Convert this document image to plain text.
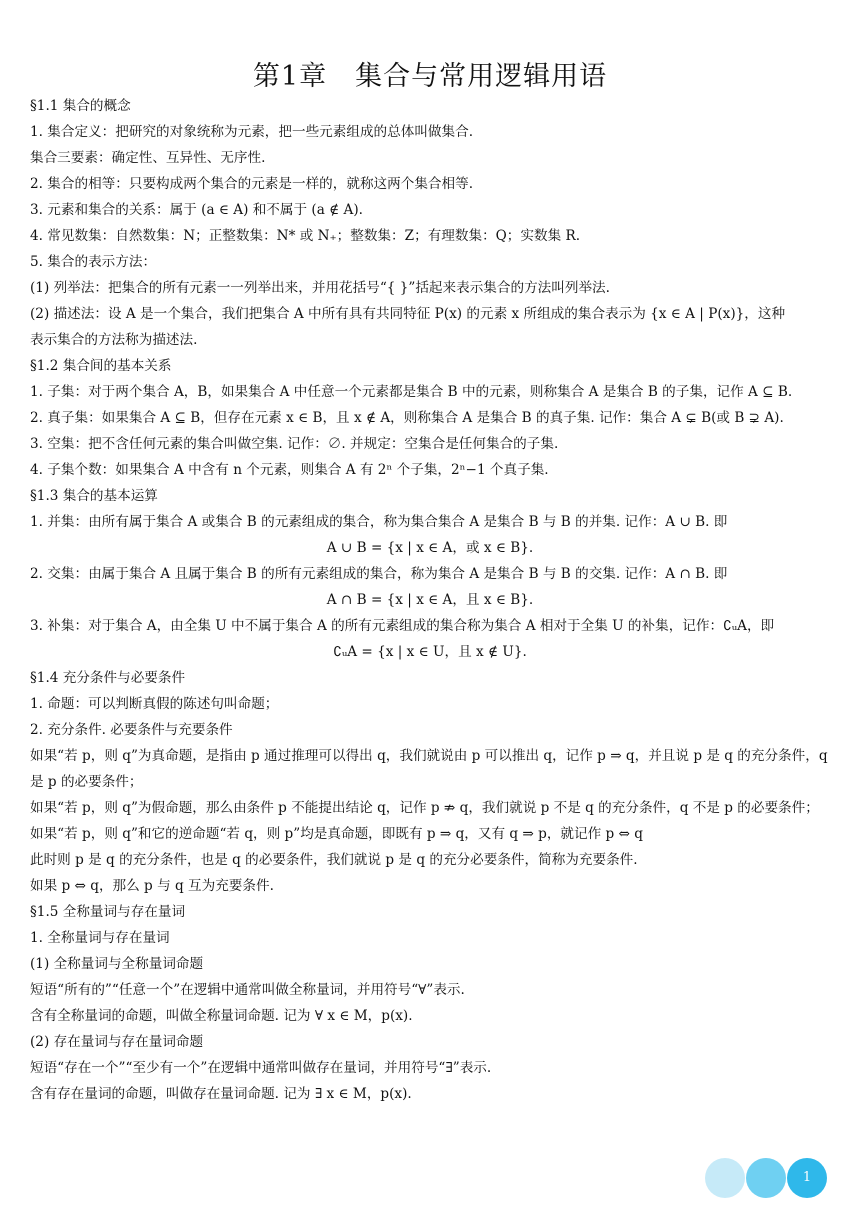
第1章　集合与常用逻辑用语
§1.1 集合的概念
1. 集合定义：把研究的对象统称为元素，把一些元素组成的总体叫做集合.
集合三要素：确定性、互异性、无序性.
2. 集合的相等：只要构成两个集合的元素是一样的，就称这两个集合相等.
3. 元素和集合的关系：属于 (a ∈ A) 和不属于 (a ∉ A).
4. 常见数集：自然数集：N；正整数集：N* 或 N₊；整数集：Z；有理数集：Q；实数集 R.
5. 集合的表示方法：
(1) 列举法：把集合的所有元素一一列举出来，并用花括号“{ }”括起来表示集合的方法叫列举法.
(2) 描述法：设 A 是一个集合，我们把集合 A 中所有具有共同特征 P(x) 的元素 x 所组成的集合表示为 {x ∈ A | P(x)}，这种
表示集合的方法称为描述法.
§1.2 集合间的基本关系
1. 子集：对于两个集合 A，B，如果集合 A 中任意一个元素都是集合 B 中的元素，则称集合 A 是集合 B 的子集，记作 A ⊆ B.
2. 真子集：如果集合 A ⊆ B，但存在元素 x ∈ B，且 x ∉ A，则称集合 A 是集合 B 的真子集. 记作：集合 A ⊊ B(或 B ⊋ A).
3. 空集：把不含任何元素的集合叫做空集. 记作：∅. 并规定：空集合是任何集合的子集.
4. 子集个数：如果集合 A 中含有 n 个元素，则集合 A 有 2ⁿ 个子集，2ⁿ−1 个真子集.
§1.3 集合的基本运算
1. 并集：由所有属于集合 A 或集合 B 的元素组成的集合，称为集合集合 A 是集合 B 与 B 的并集. 记作：A ∪ B. 即
A ∪ B = {x | x ∈ A，或 x ∈ B}.
2. 交集：由属于集合 A 且属于集合 B 的所有元素组成的集合，称为集合 A 是集合 B 与 B 的交集. 记作：A ∩ B. 即
A ∩ B = {x | x ∈ A，且 x ∈ B}.
3. 补集：对于集合 A，由全集 U 中不属于集合 A 的所有元素组成的集合称为集合 A 相对于全集 U 的补集，记作：∁ᵤA，即
∁ᵤA = {x | x ∈ U，且 x ∉ U}.
§1.4 充分条件与必要条件
1. 命题：可以判断真假的陈述句叫命题；
2. 充分条件. 必要条件与充要条件
如果“若 p，则 q”为真命题，是指由 p 通过推理可以得出 q，我们就说由 p 可以推出 q，记作 p ⇒ q，并且说 p 是 q 的充分条件，q
是 p 的必要条件；
如果“若 p，则 q”为假命题，那么由条件 p 不能提出结论 q，记作 p ⇏ q，我们就说 p 不是 q 的充分条件，q 不是 p 的必要条件；
如果“若 p，则 q”和它的逆命题“若 q，则 p”均是真命题，即既有 p ⇒ q，又有 q ⇒ p，就记作 p ⇔ q
此时则 p 是 q 的充分条件，也是 q 的必要条件，我们就说 p 是 q 的充分必要条件，简称为充要条件.
如果 p ⇔ q，那么 p 与 q 互为充要条件.
§1.5 全称量词与存在量词
1. 全称量词与存在量词
(1) 全称量词与全称量词命题
短语“所有的”“任意一个”在逻辑中通常叫做全称量词，并用符号“∀”表示.
含有全称量词的命题，叫做全称量词命题. 记为 ∀ x ∈ M，p(x).
(2) 存在量词与存在量词命题
短语“存在一个”“至少有一个”在逻辑中通常叫做存在量词，并用符号“∃”表示.
含有存在量词的命题，叫做存在量词命题. 记为 ∃ x ∈ M，p(x).
1
